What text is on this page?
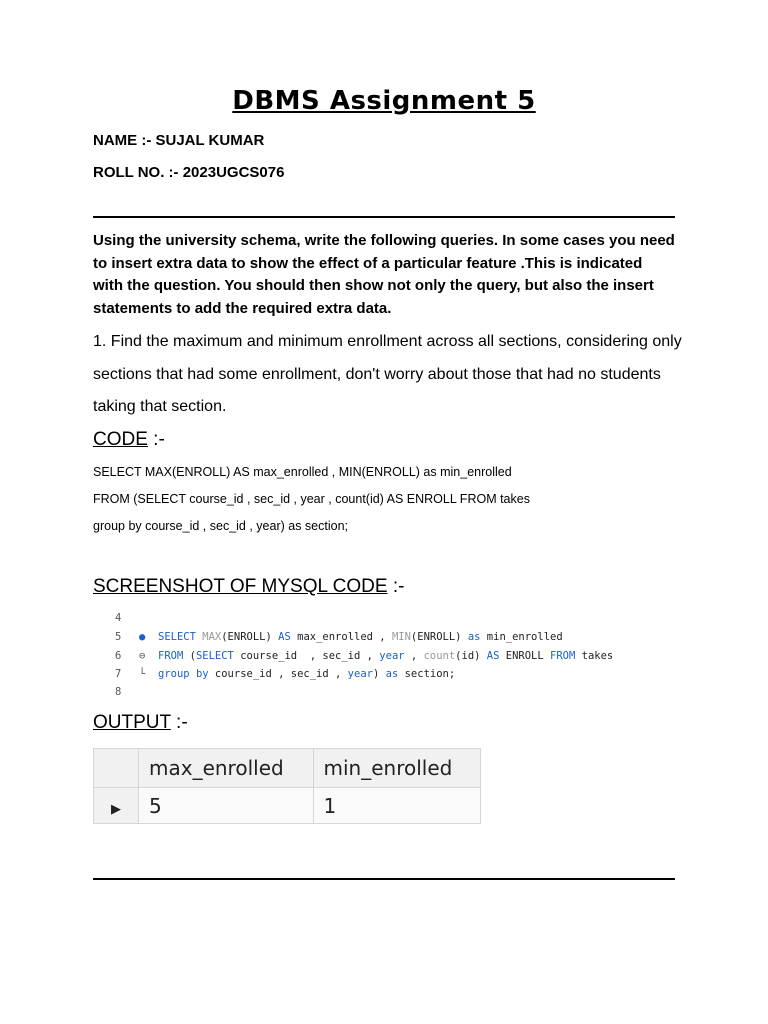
DBMS Assignment 5
NAME :- SUJAL KUMAR
ROLL NO. :- 2023UGCS076
Using the university schema, write the following queries. In some cases you need to insert extra data to show the effect of a particular feature .This is indicated with the question. You should then show not only the query, but also the insert statements to add the required extra data.
1. Find the maximum and minimum enrollment across all sections, considering only sections that had some enrollment, don't worry about those that had no students taking that section.
CODE :-
SELECT MAX(ENROLL) AS max_enrolled , MIN(ENROLL) as min_enrolled
FROM (SELECT course_id , sec_id , year , count(id) AS ENROLL FROM takes
group by course_id , sec_id , year) as section;
SCREENSHOT OF MYSQL CODE :-
4
5 ● SELECT MAX(ENROLL) AS max_enrolled , MIN(ENROLL) as min_enrolled
6 ⊖ FROM (SELECT course_id  , sec_id , year , count(id) AS ENROLL FROM takes
7 └ group by course_id , sec_id , year) as section;
8
OUTPUT :-
	max_enrolled	min_enrolled
▶	5	1
